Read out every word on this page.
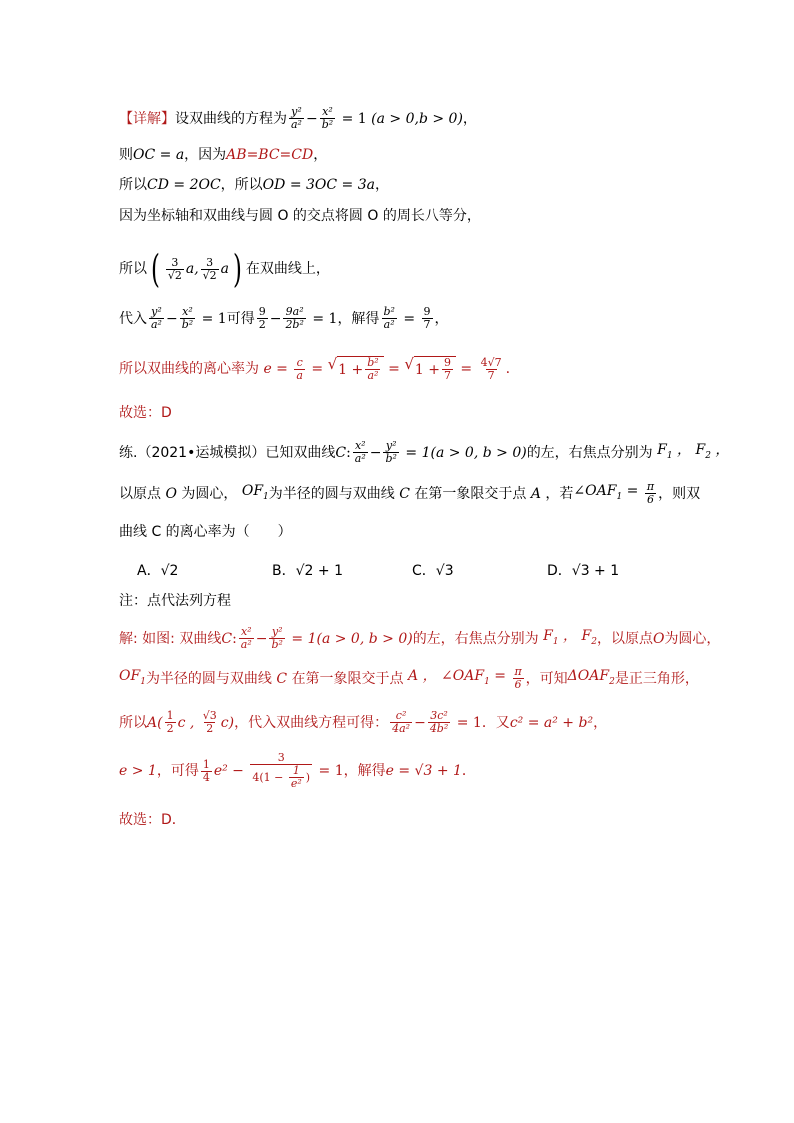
【详解】 设双曲线的方程为 $\frac{\text{y²}}{\text{a²}} - \frac{\text{x²}}{\text{b²}} = 1$ (a > 0,b > 0) ，
则 OC = a ，因为 AB=BC=CD ，
所以 CD = 2OC ，所以 OD = 3OC = 3a ，
因为坐标轴和双曲线与圆 O 的交点将圆 O 的周长八等分，
所以 ( $\frac{3}{√2} a$, $\frac{3}{√2}$ a ) 在双曲线上，
代入 $\frac{\text{y²}}{\text{a²}} - \frac{\text{x²}}{\text{b²}} = 1$ 可得 $\frac{9}{2} - \frac{\text{9a²}}{\text{2b²}} = 1$ ，解得 $\frac{\text{b²}}{\text{a²}} = \frac{9}{7}$ ，
所以双曲线的离心率为 $e = \frac{c}{a}$ = √ $1 + \frac{\text{b²}}{\text{a²}}$ = √ $1 + \frac{9}{7} = \frac{4√7}{7}$ .
故选：D
练.（2021•运城模拟）已知双曲线 C : $\frac{\text{x²}}{\text{a²}} - \frac{\text{y²}}{\text{b²}} = 1(a > 0$, b > 0) 的左，右焦点分别为 $F_1$ ， $F_2$ ，
以原点 O 为圆心， $OF_1$ 为半径的圆与双曲线 C 在第一象限交于点 A ，若 $\angle OAF_1 = \frac{\pi}{6}$ ，则双
曲线 C 的离心率为（　　）
A．√2	B．√2 + 1	C．√3	D．√3 + 1
注：点代法列方程
解: 如图: 双曲线 C : $\frac{\text{x²}}{\text{a²}} - \frac{\text{y²}}{\text{b²}} = 1(a > 0$, b > 0) 的左，右焦点分别为 $F_1$ ， $F_2$ ，以原点 O 为圆心，
$OF_1$ 为半径的圆与双曲线 C 在第一象限交于点 A ， $\angle OAF_1 = \frac{\pi}{6}$ ，可知 $\Delta OAF_2$ 是正三角形，
所以 $A( \frac{1}{2}$ c , $\frac{√3}{2} c$) ，代入双曲线方程可得： $\frac{\text{c²}}{\text{4a²}} - \frac{\text{3c²}}{\text{4b²}} = 1$ ．又 c² = a² + b² ，
e > 1 ，可得 $\frac{1}{4} e^2 - \frac{3}{4(1 - \frac{1}{\text{e²}} )} = 1$ ，解得 e = √3 + 1 ．
故选：D．
